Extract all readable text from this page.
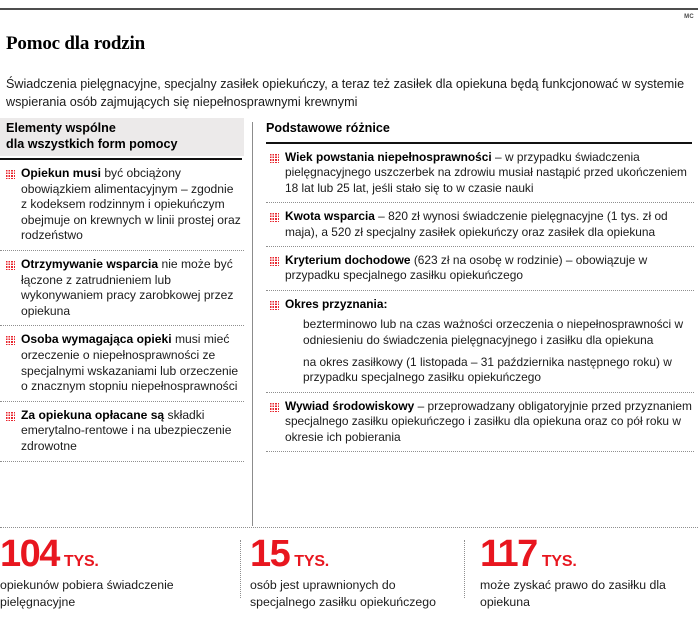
MC
Pomoc dla rodzin

Świadczenia pielęgnacyjne, specjalny zasiłek opiekuńczy, a teraz też zasiłek dla opiekuna będą funkcjonować w systemie wspierania osób zajmujących się niepełnosprawnymi krewnymi

Elementy wspólne
dla wszystkich form pomocy
Opiekun musi być obciążony obowiązkiem alimentacyjnym – zgodnie z kodeksem rodzinnym i opiekuńczym obejmuje on krewnych w linii prostej oraz rodzeństwo
Otrzymywanie wsparcia nie może być łączone z zatrudnieniem lub wykonywaniem pracy zarobkowej przez opiekuna
Osoba wymagająca opieki musi mieć orzeczenie o niepełnosprawności ze specjalnymi wskazaniami lub orzeczenie o znacznym stopniu niepełnosprawności
Za opiekuna opłacane są składki emerytalno-rentowe i na ubezpieczenie zdrowotne
Podstawowe różnice
Wiek powstania niepełnosprawności – w przypadku świadczenia pielęgnacyjnego uszczerbek na zdrowiu musiał nastąpić przed ukończeniem 18 lat lub 25 lat, jeśli stało się to w czasie nauki
Kwota wsparcia – 820 zł wynosi świadczenie pielęgnacyjne (1 tys. zł od maja), a 520 zł specjalny zasiłek opiekuńczy oraz zasiłek dla opiekuna
Kryterium dochodowe (623 zł na osobę w rodzinie) – obowiązuje w przypadku specjalnego zasiłku opiekuńczego
Okres przyznania:
bezterminowo lub na czas ważności orzeczenia o niepełnosprawności w odniesieniu do świadczenia pielęgnacyjnego i zasiłku dla opiekuna
na okres zasiłkowy (1 listopada – 31 października następnego roku) w przypadku specjalnego zasiłku opiekuńczego
Wywiad środowiskowy – przeprowadzany obligatoryjnie przed przyznaniem specjalnego zasiłku opiekuńczego i zasiłku dla opiekuna oraz co pół roku w okresie ich pobierania
104 TYS.
opiekunów pobiera świadczenie pielęgnacyjne
15 TYS.
osób jest uprawnionych do specjalnego zasiłku opiekuńczego
117 TYS.
może zyskać prawo do zasiłku dla opiekuna
